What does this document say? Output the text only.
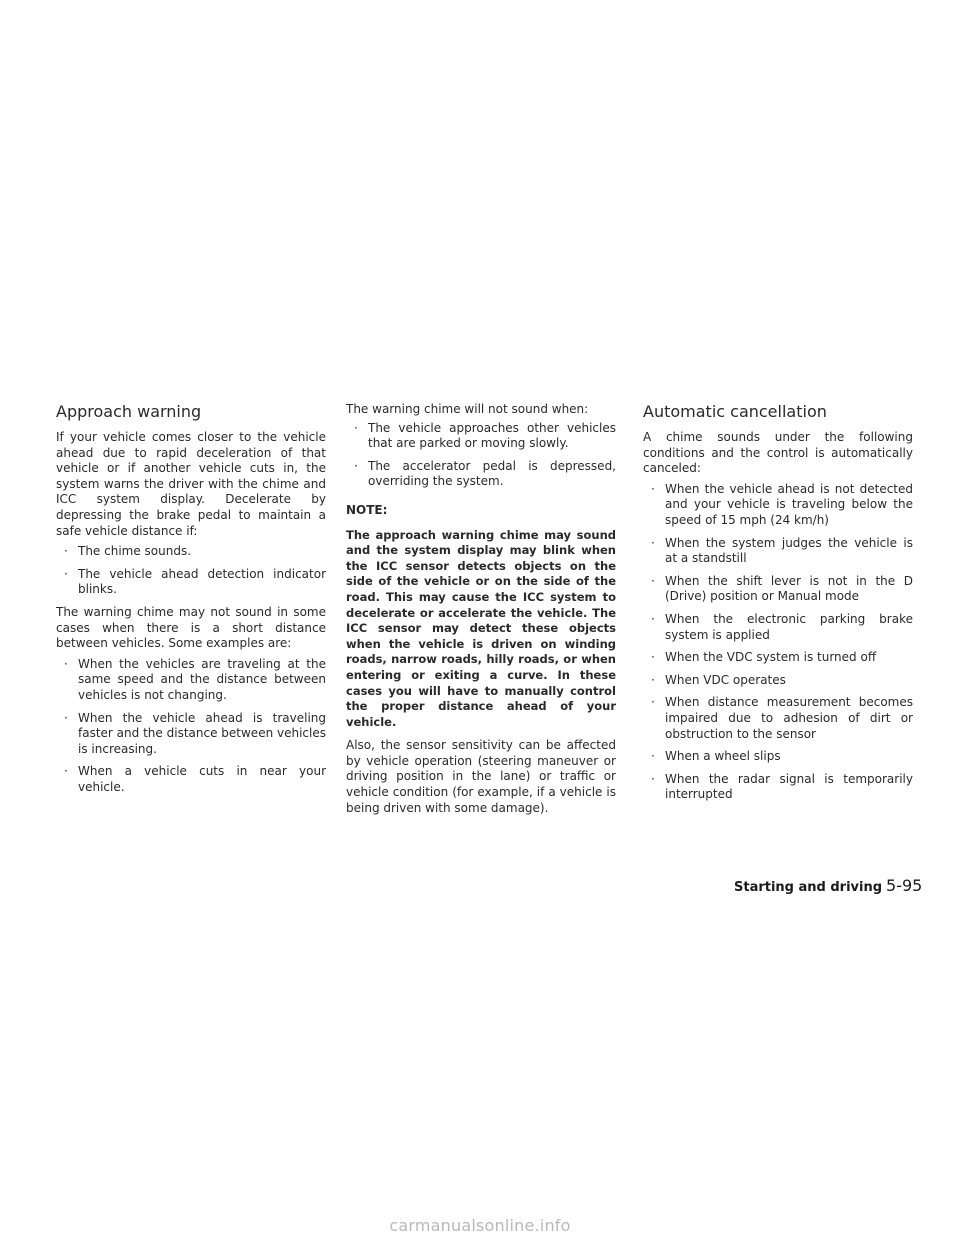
Approach warning

If your vehicle comes closer to the vehicle ahead due to rapid deceleration of that vehicle or if another vehicle cuts in, the system warns the driver with the chime and ICC system display. Decelerate by depressing the brake pedal to maintain a safe vehicle distance if:

· The chime sounds.
· The vehicle ahead detection indicator blinks.

The warning chime may not sound in some cases when there is a short distance between vehicles. Some examples are:

· When the vehicles are traveling at the same speed and the distance between vehicles is not changing.
· When the vehicle ahead is traveling faster and the distance between vehicles is increasing.
· When a vehicle cuts in near your vehicle.

The warning chime will not sound when:

· The vehicle approaches other vehicles that are parked or moving slowly.
· The accelerator pedal is depressed, overriding the system.

NOTE:

The approach warning chime may sound and the system display may blink when the ICC sensor detects objects on the side of the vehicle or on the side of the road. This may cause the ICC system to decelerate or accelerate the vehicle. The ICC sensor may detect these objects when the vehicle is driven on winding roads, narrow roads, hilly roads, or when entering or exiting a curve. In these cases you will have to manually control the proper distance ahead of your vehicle.

Also, the sensor sensitivity can be affected by vehicle operation (steering maneuver or driving position in the lane) or traffic or vehicle condition (for example, if a vehicle is being driven with some damage).

Automatic cancellation

A chime sounds under the following conditions and the control is automatically canceled:

· When the vehicle ahead is not detected and your vehicle is traveling below the speed of 15 mph (24 km/h)
· When the system judges the vehicle is at a standstill
· When the shift lever is not in the D (Drive) position or Manual mode
· When the electronic parking brake system is applied
· When the VDC system is turned off
· When VDC operates
· When distance measurement becomes impaired due to adhesion of dirt or obstruction to the sensor
· When a wheel slips
· When the radar signal is temporarily interrupted
Starting and driving 5-95
carmanualsonline.info
